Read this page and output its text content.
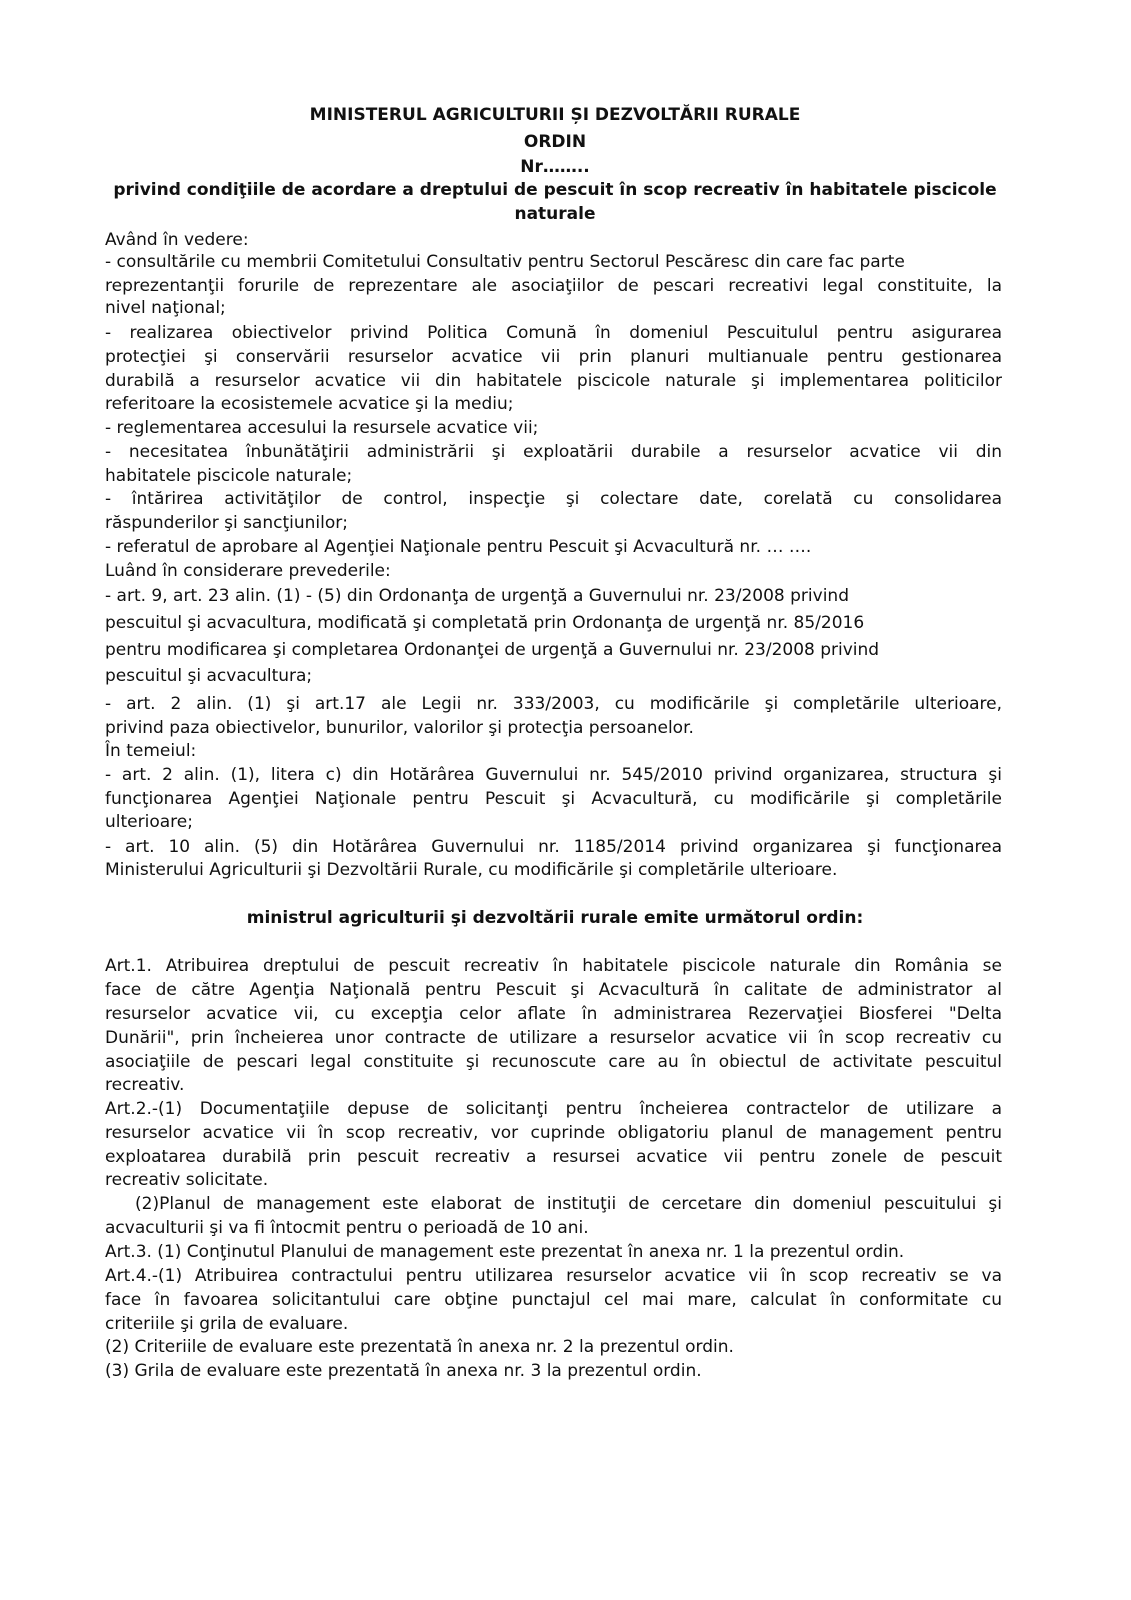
MINISTERUL AGRICULTURII ȘI DEZVOLTĂRII RURALE
ORDIN
Nr……..
privind condiţiile de acordare a dreptului de pescuit în scop recreativ în habitatele piscicole
naturale
Având în vedere:
- consultările cu membrii Comitetului Consultativ pentru Sectorul Pescăresc din care fac parte
reprezentanţii forurile de reprezentare ale asociaţiilor de pescari recreativi legal constituite, la
nivel naţional;
- realizarea obiectivelor privind Politica Comună în domeniul Pescuitulul pentru asigurarea
protecţiei şi conservării resurselor acvatice vii prin planuri multianuale pentru gestionarea
durabilă a resurselor acvatice vii din habitatele piscicole naturale şi implementarea politicilor
referitoare la ecosistemele acvatice şi la mediu;
- reglementarea accesului la resursele acvatice vii;
- necesitatea înbunătăţirii administrării şi exploatării durabile a resurselor acvatice vii din
habitatele piscicole naturale;
- întărirea activităţilor de control, inspecţie şi colectare date, corelată cu consolidarea
răspunderilor şi sancţiunilor;
- referatul de aprobare al Agenţiei Naţionale pentru Pescuit şi Acvacultură nr. … ….
Luând în considerare prevederile:
- art. 9, art. 23 alin. (1) - (5) din Ordonanţa de urgenţă a Guvernului nr. 23/2008 privind
pescuitul şi acvacultura, modificată şi completată prin Ordonanţa de urgenţă nr. 85/2016
pentru modificarea şi completarea Ordonanţei de urgenţă a Guvernului nr. 23/2008 privind
pescuitul şi acvacultura;
- art. 2 alin. (1) şi art.17 ale Legii nr. 333/2003, cu modificările şi completările ulterioare,
privind paza obiectivelor, bunurilor, valorilor şi protecţia persoanelor.
În temeiul:
- art. 2 alin. (1), litera c) din Hotărârea Guvernului nr. 545/2010 privind organizarea, structura şi
funcţionarea Agenţiei Naţionale pentru Pescuit şi Acvacultură, cu modificările şi completările
ulterioare;
- art. 10 alin. (5) din Hotărârea Guvernului nr. 1185/2014 privind organizarea şi funcţionarea
Ministerului Agriculturii şi Dezvoltării Rurale, cu modificările şi completările ulterioare.
ministrul agriculturii şi dezvoltării rurale emite următorul ordin:
Art.1. Atribuirea dreptului de pescuit recreativ în habitatele piscicole naturale din România se
face de către Agenţia Naţională pentru Pescuit şi Acvacultură în calitate de administrator al
resurselor acvatice vii, cu excepţia celor aflate în administrarea Rezervaţiei Biosferei "Delta
Dunării", prin încheierea unor contracte de utilizare a resurselor acvatice vii în scop recreativ cu
asociaţiile de pescari legal constituite şi recunoscute care au în obiectul de activitate pescuitul
recreativ.
Art.2.-(1) Documentaţiile depuse de solicitanţi pentru încheierea contractelor de utilizare a
resurselor acvatice vii în scop recreativ, vor cuprinde obligatoriu planul de management pentru
exploatarea durabilă prin pescuit recreativ a resursei acvatice vii pentru zonele de pescuit
recreativ solicitate.
(2)Planul de management este elaborat de instituţii de cercetare din domeniul pescuitului şi
acvaculturii şi va fi întocmit pentru o perioadă de 10 ani.
Art.3. (1) Conţinutul Planului de management este prezentat în anexa nr. 1 la prezentul ordin.
Art.4.-(1) Atribuirea contractului pentru utilizarea resurselor acvatice vii în scop recreativ se va
face în favoarea solicitantului care obţine punctajul cel mai mare, calculat în conformitate cu
criteriile şi grila de evaluare.
(2) Criteriile de evaluare este prezentată în anexa nr. 2 la prezentul ordin.
(3) Grila de evaluare este prezentată în anexa nr. 3 la prezentul ordin.
